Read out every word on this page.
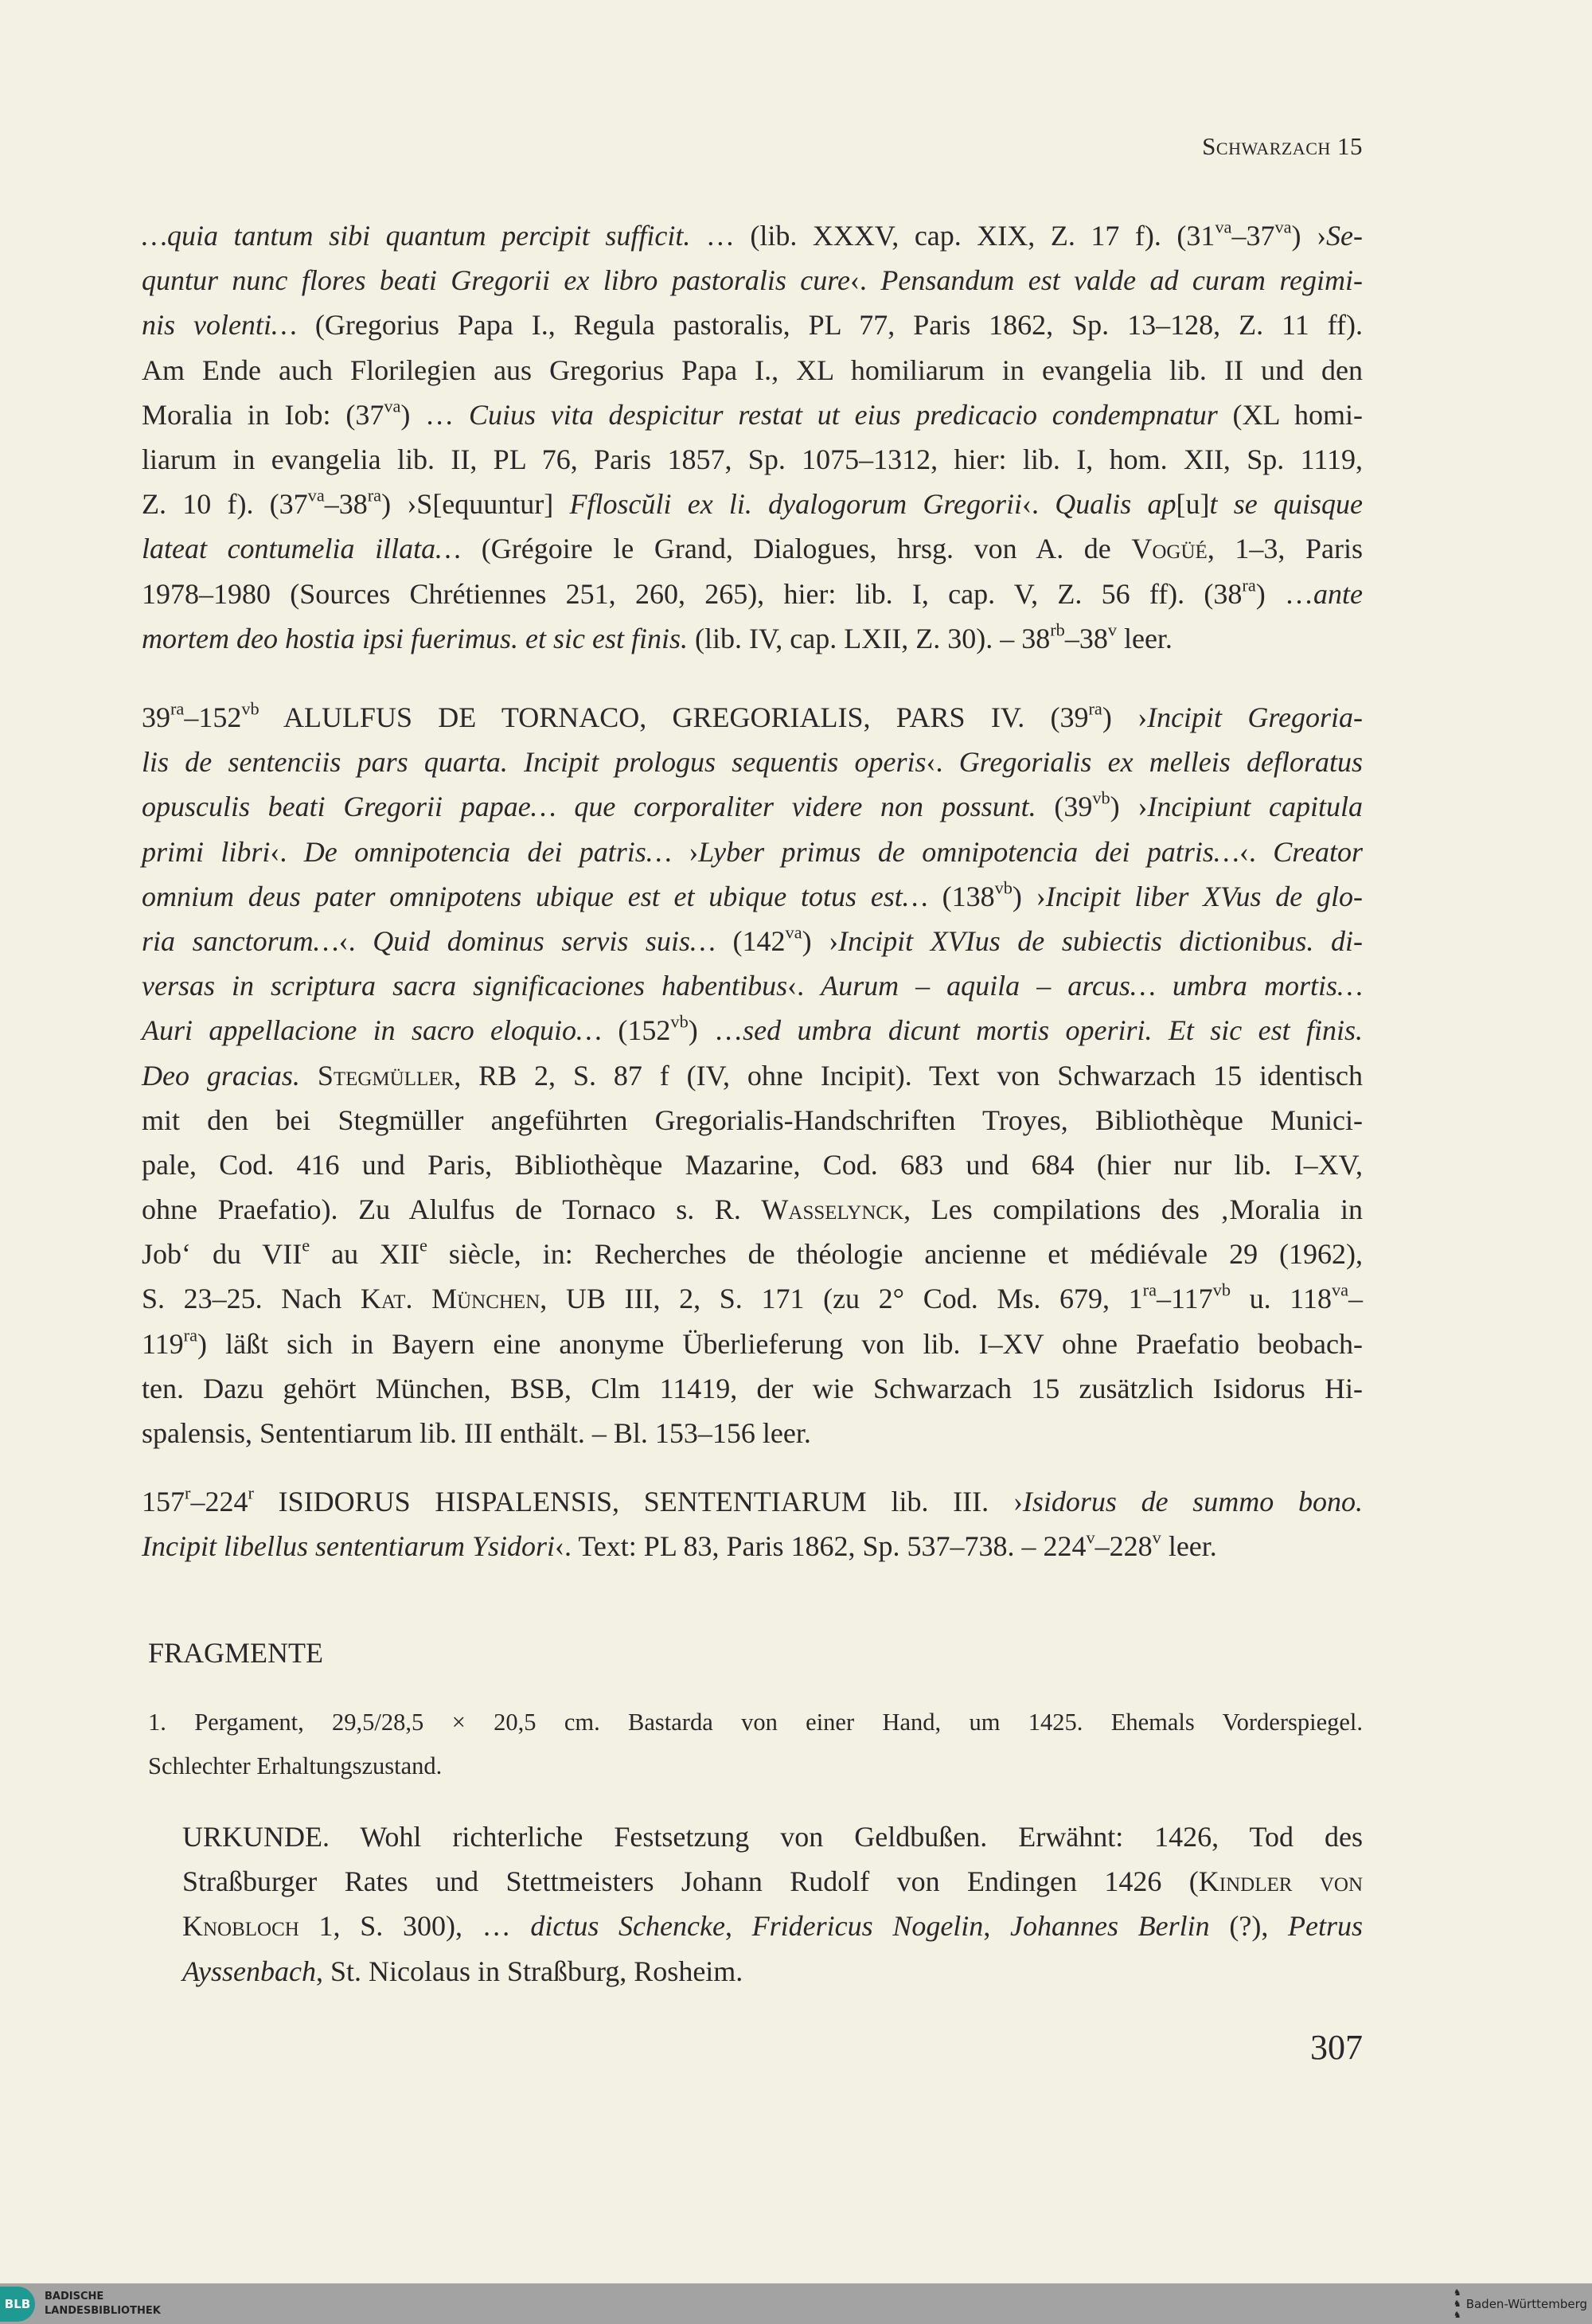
Schwarzach 15
…quia tantum sibi quantum percipit sufficit. … (lib. XXXV, cap. XIX, Z. 17 f). $(31^{va}-37^{va})$ ›Se-
quntur nunc flores beati Gregorii ex libro pastoralis cure‹. Pensandum est valde ad curam regimi-
nis volenti… (Gregorius Papa I., Regula pastoralis, PL 77, Paris 1862, Sp. 13–128, Z. 11 ff).
Am Ende auch Florilegien aus Gregorius Papa I., XL homiliarum in evangelia lib. II und den
Moralia in Iob: $(37^{va})$ … Cuius vita despicitur restat ut eius predicacio condempnatur (XL homi-
liarum in evangelia lib. II, PL 76, Paris 1857, Sp. 1075–1312, hier: lib. I, hom. XII, Sp. 1119,
Z. 10 f). $(37^{va}-38^{ra})$ ›S[equuntur] Ffloscŭli ex li. dyalogorum Gregorii‹. Qualis ap[u]t se quisque
lateat contumelia illata… (Grégoire le Grand, Dialogues, hrsg. von A. de Vogüé, 1–3, Paris
1978–1980 (Sources Chrétiennes 251, 260, 265), hier: lib. I, cap. V, Z. 56 ff). $(38^{ra})$ …ante
mortem deo hostia ipsi fuerimus. et sic est finis. (lib. IV, cap. LXII, Z. 30). – $38^{rb}-38^v$ leer.
$39^{ra}-152^{vb}$ ALULFUS DE TORNACO, GREGORIALIS, PARS IV. $(39^{ra})$ ›Incipit Gregoria-
lis de sentenciis pars quarta. Incipit prologus sequentis operis‹. Gregorialis ex melleis defloratus
opusculis beati Gregorii papae… que corporaliter videre non possunt. $(39^{vb})$ ›Incipiunt capitula
primi libri‹. De omnipotencia dei patris… ›Lyber primus de omnipotencia dei patris…‹. Creator
omnium deus pater omnipotens ubique est et ubique totus est… $(138^{vb})$ ›Incipit liber XVus de glo-
ria sanctorum…‹. Quid dominus servis suis… $(142^{va})$ ›Incipit XVIus de subiectis dictionibus. di-
versas in scriptura sacra significaciones habentibus‹. Aurum – aquila – arcus… umbra mortis…
Auri appellacione in sacro eloquio… $(152^{vb})$ …sed umbra dicunt mortis operiri. Et sic est finis.
Deo gracias. Stegmüller, RB 2, S. 87 f (IV, ohne Incipit). Text von Schwarzach 15 identisch
mit den bei Stegmüller angeführten Gregorialis-Handschriften Troyes, Bibliothèque Munici-
pale, Cod. 416 und Paris, Bibliothèque Mazarine, Cod. 683 und 684 (hier nur lib. I–XV,
ohne Praefatio). Zu Alulfus de Tornaco s. R. Wasselynck, Les compilations des ‚Moralia in
Job‘ du VIIe au XIIe siècle, in: Recherches de théologie ancienne et médiévale 29 (1962),
S. 23–25. Nach Kat. München, UB III, 2, S. 171 (zu 2° Cod. Ms. 679, $1^{ra}-117^{vb}$ u. $118^{va}-$
$119^{ra}$) läßt sich in Bayern eine anonyme Überlieferung von lib. I–XV ohne Praefatio beobach-
ten. Dazu gehört München, BSB, Clm 11419, der wie Schwarzach 15 zusätzlich Isidorus Hi-
spalensis, Sententiarum lib. III enthält. – Bl. 153–156 leer.
157$^r$–224$^r$ ISIDORUS HISPALENSIS, SENTENTIARUM lib. III. ›Isidorus de summo bono.
Incipit libellus sententiarum Ysidori‹. Text: PL 83, Paris 1862, Sp. 537–738. – 224$^v$–228$^v$ leer.
FRAGMENTE
1. Pergament, 29,5/28,5 × 20,5 cm. Bastarda von einer Hand, um 1425. Ehemals Vorderspiegel.
Schlechter Erhaltungszustand.
URKUNDE. Wohl richterliche Festsetzung von Geldbußen. Erwähnt: 1426, Tod des
Straßburger Rates und Stettmeisters Johann Rudolf von Endingen 1426 (Kindler von
Knobloch 1, S. 300), … dictus Schencke, Fridericus Nogelin, Johannes Berlin (?), Petrus
Ayssenbach, St. Nicolaus in Straßburg, Rosheim.
307
BLB
BADISCHE
LANDESBIBLIOTHEK
♞
♞
♞
Baden-Württemberg
